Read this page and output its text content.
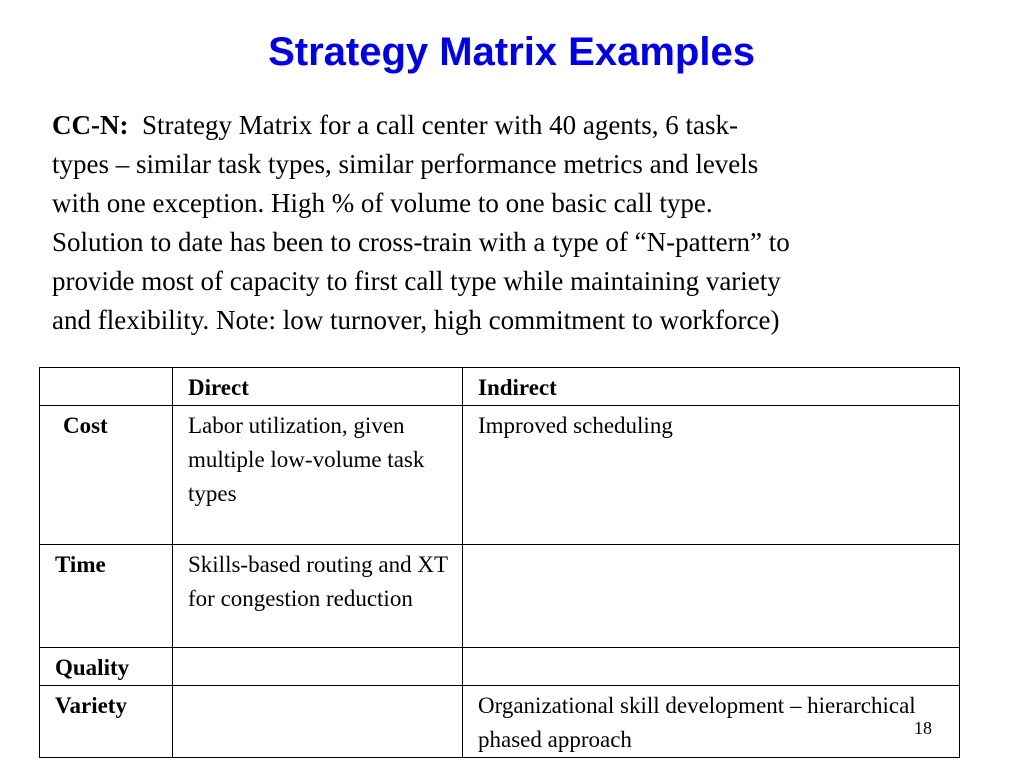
Strategy Matrix Examples
CC-N: Strategy Matrix for a call center with 40 agents, 6 task-
types – similar task types, similar performance metrics and levels
with one exception. High % of volume to one basic call type.
Solution to date has been to cross-train with a type of “N-pattern” to
provide most of capacity to first call type while maintaining variety
and flexibility. Note: low turnover, high commitment to workforce)
	Direct	Indirect
Cost	Labor utilization, given multiple low-volume task types	Improved scheduling
Time	Skills-based routing and XT for congestion reduction	
Quality		
Variety		Organizational skill development – hierarchical phased approach	18
